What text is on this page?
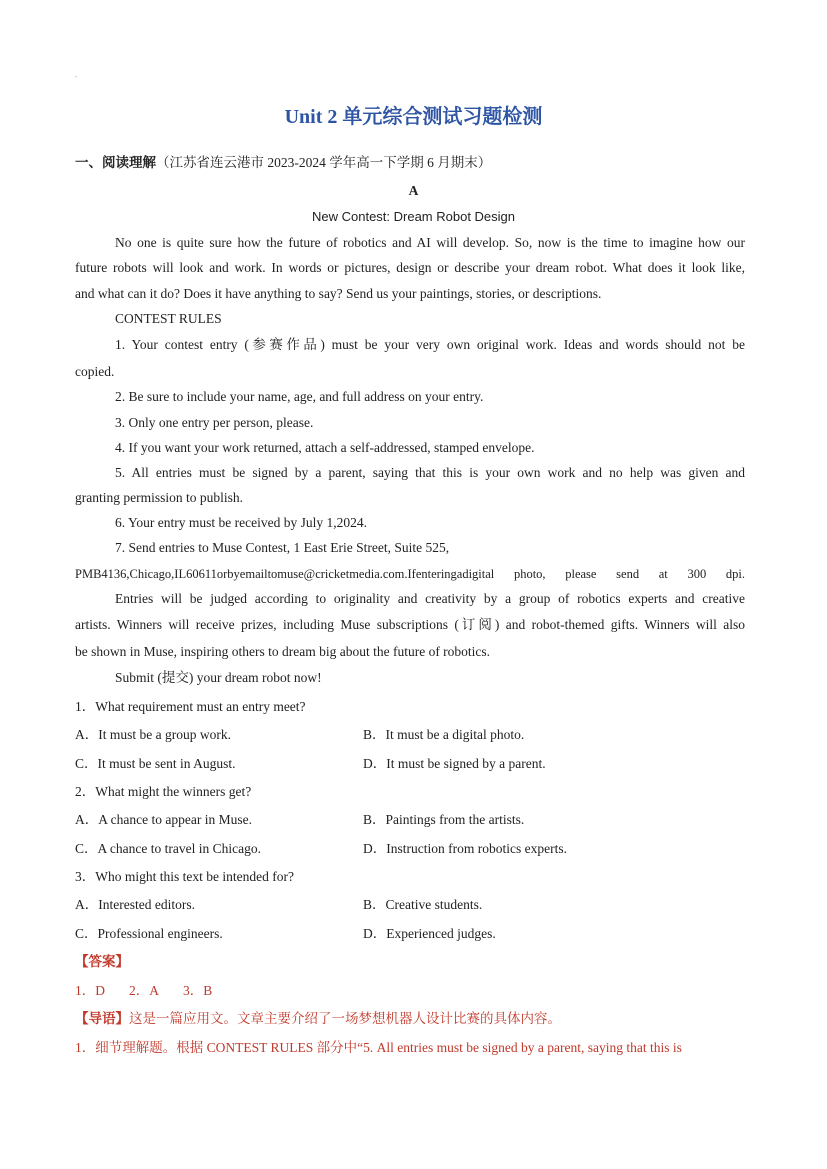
.
Unit 2 单元综合测试习题检测
一、阅读理解（江苏省连云港市 2023-2024 学年高一下学期 6 月期末）
A
New Contest: Dream Robot Design
No one is quite sure how the future of robotics and AI will develop. So, now is the time to imagine how our
future robots will look and work. In words or pictures, design or describe your dream robot. What does it look like,
and what can it do? Does it have anything to say? Send us your paintings, stories, or descriptions.
CONTEST RULES
1. Your contest entry (参赛作品) must be your very own original work. Ideas and words should not be
copied.
2. Be sure to include your name, age, and full address on your entry.
3. Only one entry per person, please.
4. If you want your work returned, attach a self-addressed, stamped envelope.
5. All entries must be signed by a parent, saying that this is your own work and no help was given and
granting permission to publish.
6. Your entry must be received by July 1,2024.
7. Send entries to Muse Contest, 1 East Erie Street, Suite 525,
PMB4136,Chicago,IL60611orbyemailtomuse@cricketmedia.com.Ifenteringadigital photo, please send at 300 dpi.
Entries will be judged according to originality and creativity by a group of robotics experts and creative
artists. Winners will receive prizes, including Muse subscriptions (订阅) and robot-themed gifts. Winners will also
be shown in Muse, inspiring others to dream big about the future of robotics.
Submit (提交) your dream robot now!
1．What requirement must an entry meet?
A．It must be a group work.	B．It must be a digital photo.
C．It must be sent in August.	D．It must be signed by a parent.
2．What might the winners get?
A．A chance to appear in Muse.	B．Paintings from the artists.
C．A chance to travel in Chicago.	D．Instruction from robotics experts.
3．Who might this text be intended for?
A．Interested editors.	B．Creative students.
C．Professional engineers.	D．Experienced judges.
【答案】
1．D 2．A 3．B
【导语】这是一篇应用文。文章主要介绍了一场梦想机器人设计比赛的具体内容。
1．细节理解题。根据 CONTEST RULES 部分中“5. All entries must be signed by a parent, saying that this is
